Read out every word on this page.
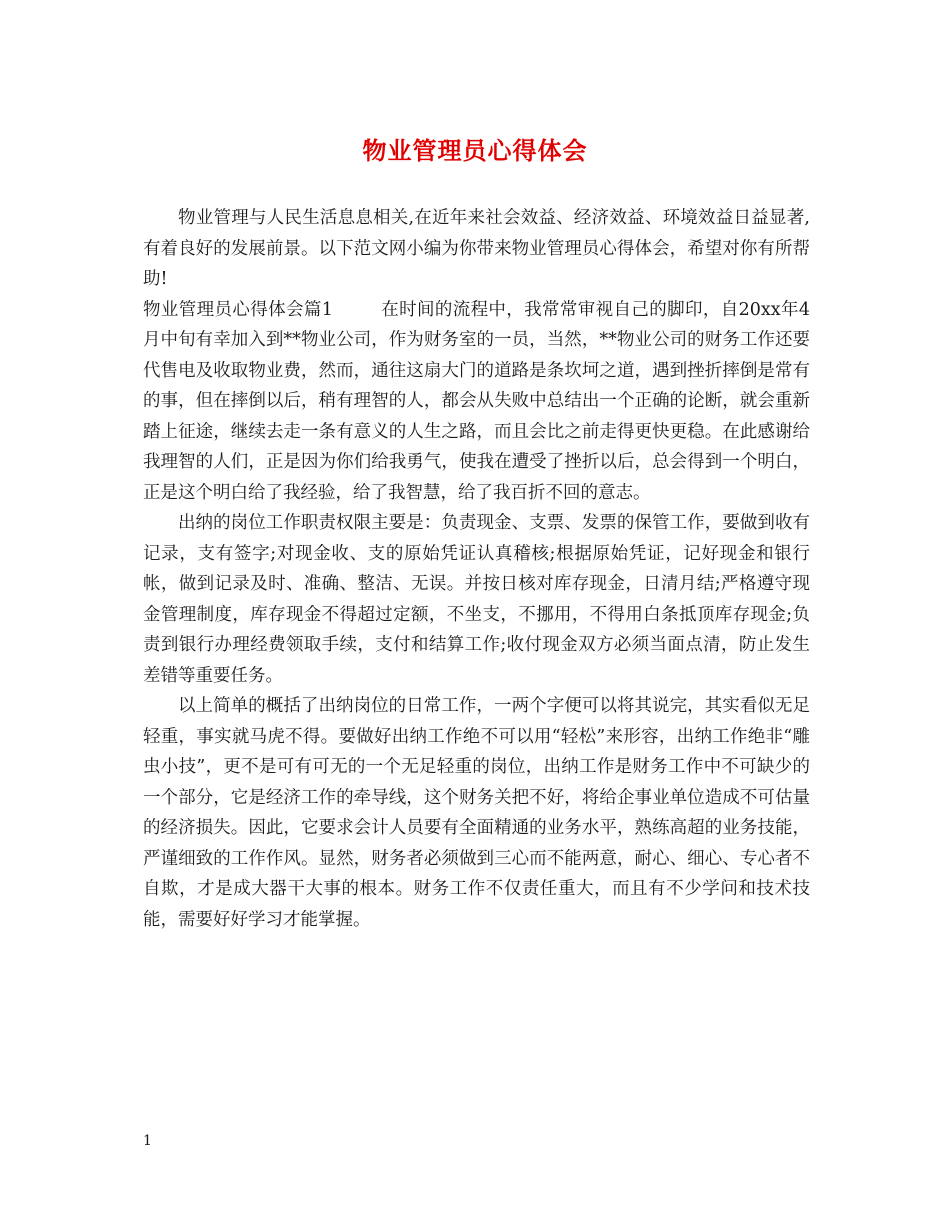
物业管理员心得体会

物业管理与人民生活息息相关,在近年来社会效益、经济效益、环境效益日益显著,有着良好的发展前景。以下范文网小编为你带来物业管理员心得体会，希望对你有所帮助!

物业管理员心得体会篇1	在时间的流程中，我常常审视自己的脚印，自20xx年4月中旬有幸加入到**物业公司，作为财务室的一员，当然，**物业公司的财务工作还要代售电及收取物业费，然而，通往这扇大门的道路是条坎坷之道，遇到挫折摔倒是常有的事，但在摔倒以后，稍有理智的人，都会从失败中总结出一个正确的论断，就会重新踏上征途，继续去走一条有意义的人生之路，而且会比之前走得更快更稳。在此感谢给我理智的人们，正是因为你们给我勇气，使我在遭受了挫折以后，总会得到一个明白，正是这个明白给了我经验，给了我智慧，给了我百折不回的意志。

出纳的岗位工作职责权限主要是：负责现金、支票、发票的保管工作，要做到收有记录，支有签字;对现金收、支的原始凭证认真稽核;根据原始凭证，记好现金和银行帐，做到记录及时、准确、整洁、无误。并按日核对库存现金，日清月结;严格遵守现金管理制度，库存现金不得超过定额，不坐支，不挪用，不得用白条抵顶库存现金;负责到银行办理经费领取手续，支付和结算工作;收付现金双方必须当面点清，防止发生差错等重要任务。

以上简单的概括了出纳岗位的日常工作，一两个字便可以将其说完，其实看似无足轻重，事实就马虎不得。要做好出纳工作绝不可以用“轻松”来形容，出纳工作绝非“雕虫小技”，更不是可有可无的一个无足轻重的岗位，出纳工作是财务工作中不可缺少的一个部分，它是经济工作的牵导线，这个财务关把不好，将给企事业单位造成不可估量的经济损失。因此，它要求会计人员要有全面精通的业务水平，熟练高超的业务技能，严谨细致的工作作风。显然，财务者必须做到三心而不能两意，耐心、细心、专心者不自欺，才是成大器干大事的根本。财务工作不仅责任重大，而且有不少学问和技术技能，需要好好学习才能掌握。

1
